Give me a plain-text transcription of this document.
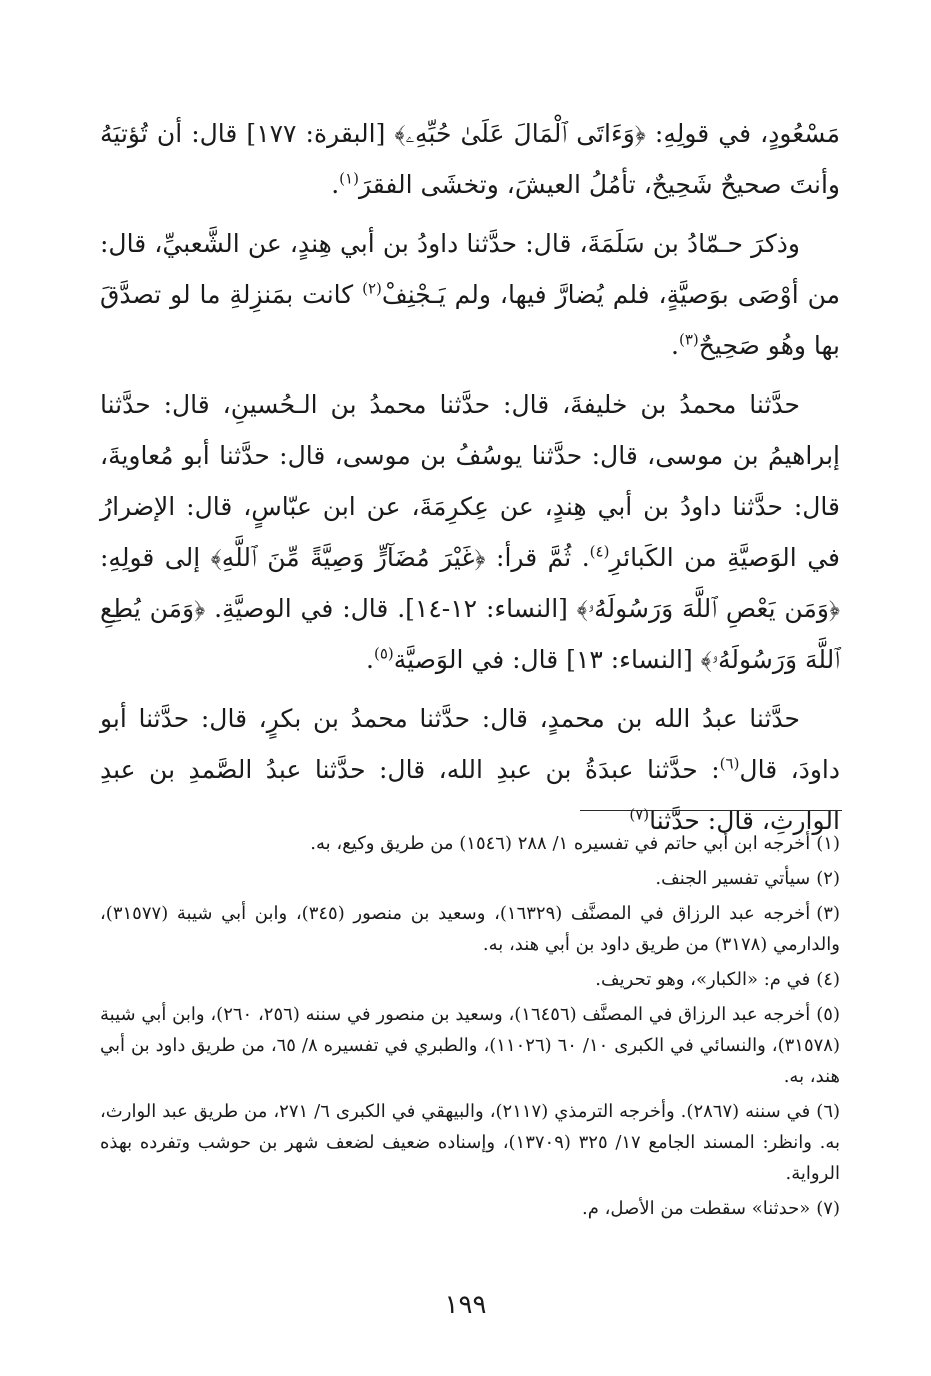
مَسْعُودٍ، في قولِهِ: ﴿وَءَاتَى ٱلْمَالَ عَلَىٰ حُبِّهِۦ﴾ [البقرة: ١٧٧] قال: أن تُؤتيَهُ وأنتَ صحيحٌ شَحِيحٌ، تأمُلُ العيشَ، وتخشَى الفقرَ$^{(١)}$.

وذكرَ حـمّادُ بن سَلَمَةَ، قال: حدَّثنا داودُ بن أبي هِندٍ، عن الشَّعبيِّ، قال: من أوْصَى بوَصيَّةٍ، فلم يُضارَّ فيها، ولم يَـجْنِفْ$^{(٢)}$ كانت بمَنزِلةِ ما لو تصدَّقَ بها وهُو صَحِيحٌ$^{(٣)}$.

حدَّثنا محمدُ بن خليفةَ، قال: حدَّثنا محمدُ بن الـحُسينِ، قال: حدَّثنا إبراهيمُ بن موسى، قال: حدَّثنا يوسُفُ بن موسى، قال: حدَّثنا أبو مُعاويةَ، قال: حدَّثنا داودُ بن أبي هِندٍ، عن عِكرِمَةَ، عن ابن عبّاسٍ، قال: الإضرارُ في الوَصيَّةِ من الكَبائرِ$^{(٤)}$. ثُمَّ قرأ: ﴿غَيْرَ مُضَآرٍّ وَصِيَّةً مِّنَ ٱللَّهِ﴾ إلى قولِهِ: ﴿وَمَن يَعْصِ ٱللَّهَ وَرَسُولَهُۥ﴾ [النساء: ١٢-١٤]. قال: في الوصيَّةِ. ﴿وَمَن يُطِعِ ٱللَّهَ وَرَسُولَهُۥ﴾ [النساء: ١٣] قال: في الوَصيَّة$^{(٥)}$.

حدَّثنا عبدُ الله بن محمدٍ، قال: حدَّثنا محمدُ بن بكرٍ، قال: حدَّثنا أبو داودَ، قال$^{(٦)}$: حدَّثنا عبدَةُ بن عبدِ الله، قال: حدَّثنا عبدُ الصَّمدِ بن عبدِ الوارثِ، قال: حدَّثنا$^{(٧)}$

(١)أخرجه ابن أبي حاتم في تفسيره ١/ ٢٨٨ (١٥٤٦) من طريق وكيع، به.
(٢)سيأتي تفسير الجنف.
(٣)أخرجه عبد الرزاق في المصنَّف (١٦٣٢٩)، وسعيد بن منصور (٣٤٥)، وابن أبي شيبة (٣١٥٧٧)، والدارمي (٣١٧٨) من طريق داود بن أبي هند، به.
(٤)في م: «الكبار»، وهو تحريف.
(٥)أخرجه عبد الرزاق في المصنَّف (١٦٤٥٦)، وسعيد بن منصور في سننه (٢٥٦، ٢٦٠)، وابن أبي شيبة (٣١٥٧٨)، والنسائي في الكبرى ١٠/ ٦٠ (١١٠٢٦)، والطبري في تفسيره ٨/ ٦٥، من طريق داود بن أبي هند، به.
(٦)في سننه (٢٨٦٧). وأخرجه الترمذي (٢١١٧)، والبيهقي في الكبرى ٦/ ٢٧١، من طريق عبد الوارث، به. وانظر: المسند الجامع ١٧/ ٣٢٥ (١٣٧٠٩)، وإسناده ضعيف لضعف شهر بن حوشب وتفرده بهذه الرواية.
(٧)«حدثنا» سقطت من الأصل، م.
١٩٩
